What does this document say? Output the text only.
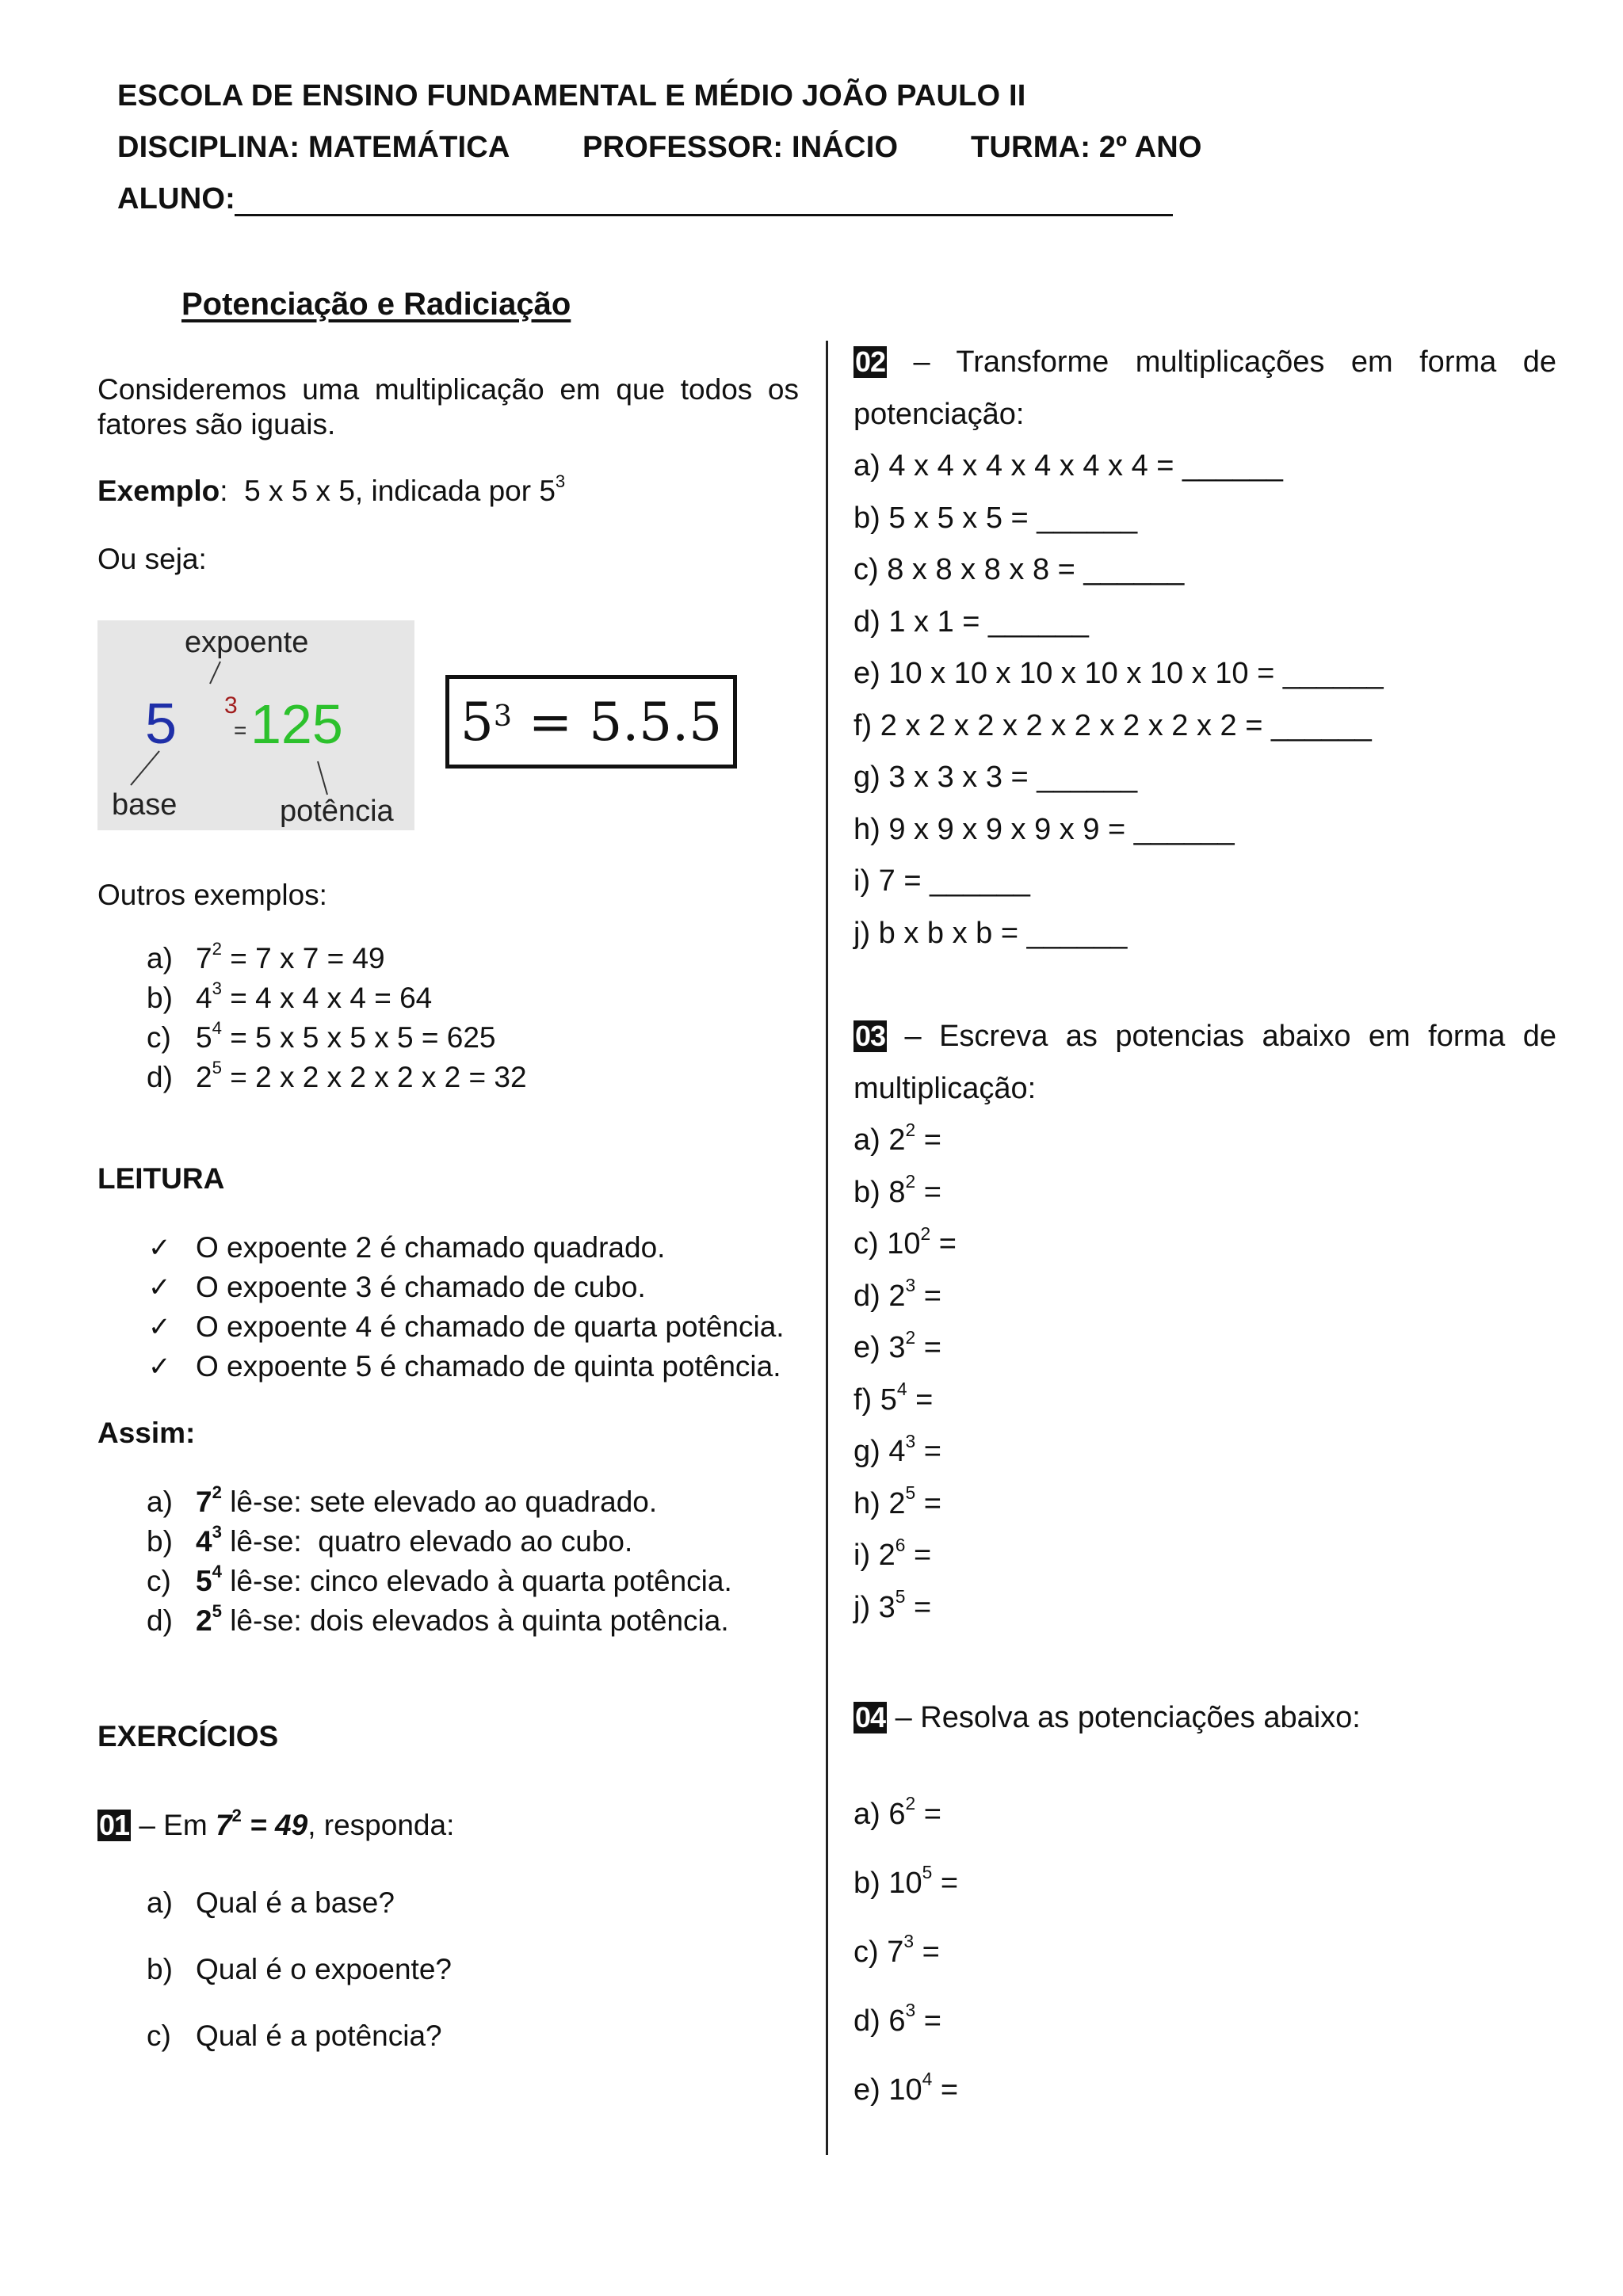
ESCOLA DE ENSINO FUNDAMENTAL E MÉDIO JOÃO PAULO II
DISCIPLINA: MATEMÁTICA PROFESSOR: INÁCIO TURMA: 2º ANO
ALUNO:
Potenciação e Radiciação
Consideremos uma multiplicação em que todos os fatores são iguais.
Exemplo: 5 x 5 x 5, indicada por $5^3$
Ou seja:
expoente
5 3
= 125
base	potência
$5^3 = 5.5.5$
Outros exemplos:
a) $7^2 = 7$ x 7 = 49
b) $4^3 = 4$ x 4 x 4 = 64
c) $5^4 = 5$ x 5 x 5 x 5 = 625
d) $2^5 = 2$ x 2 x 2 x 2 x 2 = 32
LEITURA
✓ O expoente 2 é chamado quadrado.
✓ O expoente 3 é chamado de cubo.
✓ O expoente 4 é chamado de quarta potência.
✓ O expoente 5 é chamado de quinta potência.
Assim:
a) $7^2$ lê-se: sete elevado ao quadrado.
b) $4^3$ lê-se:  quatro elevado ao cubo.
c) $5^4$ lê-se: cinco elevado à quarta potência.
d) $2^5$ lê-se: dois elevados à quinta potência.
EXERCÍCIOS
01 – Em $7^2 = 49$, responda:
a) Qual é a base?
b) Qual é o expoente?
c) Qual é a potência?
02 – Transforme multiplicações em forma de potenciação:
a) 4 x 4 x 4 x 4 x 4 x 4 = ______
b) 5 x 5 x 5 = ______
c) 8 x 8 x 8 x 8 = ______
d) 1 x 1 = ______
e) 10 x 10 x 10 x 10 x 10 x 10 = ______
f) 2 x 2 x 2 x 2 x 2 x 2 x 2 x 2 = ______
g) 3 x 3 x 3 = ______
h) 9 x 9 x 9 x 9 x 9 = ______
i) 7 = ______
j) b x b x b = ______
03 – Escreva as potencias abaixo em forma de multiplicação:
a) $2^2$ =
b) $8^2$ =
c) $10^2$ =
d) $2^3$ =
e) $3^2$ =
f) $5^4$ =
g) $4^3$ =
h) $2^5$ =
i) $2^6$ =
j) $3^5$ =
04 – Resolva as potenciações abaixo:
a) $6^2$ =
b) $10^5$ =
c) $7^3$ =
d) $6^3$ =
e) $10^4$ =
